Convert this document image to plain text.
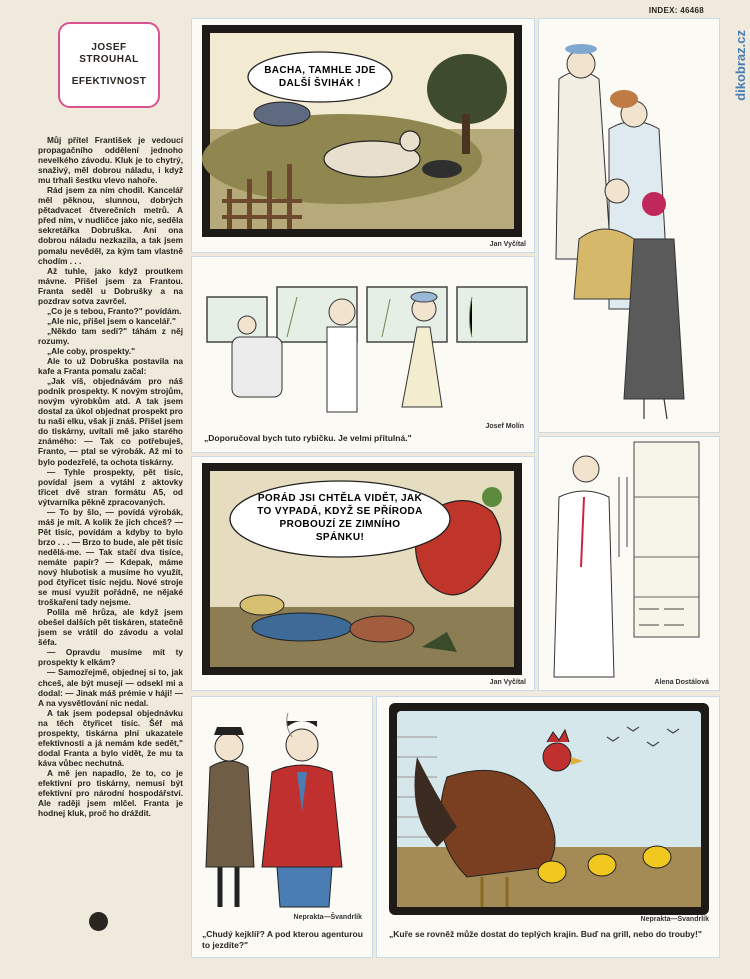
INDEX: 46468
dikobraz.cz
JOSEF
STROUHAL
EFEKTIVNOST

Můj přítel František je vedoucí propagačního oddělení jednoho nevelkého závodu. Kluk je to chytrý, snaživý, měl dobrou náladu, i když mu trhali šestku vlevo nahoře.

Rád jsem za ním chodil. Kancelář měl pěknou, slunnou, dobrých pětadvacet čtverečních metrů. A před ním, v nudličce jako nic, seděla sekretářka Dobruška. Ani ona dobrou náladu nezkazila, a tak jsem pomalu nevěděl, za kým tam vlastně chodím . . .

Až tuhle, jako když proutkem mávne. Přišel jsem za Frantou. Franta seděl u Dobrušky a na pozdrav sotva zavrčel.

„Co je s tebou, Franto?" povídám.

„Ale nic, přišel jsem o kancelář."

„Někdo tam sedí?" táhám z něj rozumy.

„Ale coby, prospekty."

Ale to už Dobruška postavila na kafe a Franta pomalu začal:

„Jak víš, objednávám pro náš podnik prospekty. K novým strojům, novým výrobkům atd. A tak jsem dostal za úkol objednat prospekt pro tu naši elku, však ji znáš. Přišel jsem do tiskárny, uvítali mě jako starého známého: — Tak co potřebuješ, Franto, — ptal se výrobák. Až mi to bylo podezřelé, ta ochota tiskárny.

— Tyhle prospekty, pět tisíc, povídal jsem a vytáhl z aktovky třicet dvě stran formátu A5, od výtvarníka pěkně zpracovaných.

— To by šlo, — povídá výrobák, máš je mít. A kolik že jich chceš? — Pět tisíc, povídám a kdyby to bylo brzo . . . — Brzo to bude, ale pět tisíc nedělá-me. — Tak stačí dva tisíce, nemáte papír? — Kdepak, máme nový hlubotisk a musíme ho využít, pod čtyřicet tisíc nejdu. Nové stroje se musí využít pořádně, ne nějaké troškaření tady nejsme.

Polila mě hrůza, ale když jsem obešel dalších pět tiskáren, statečně jsem se vrátil do závodu a volal šéfa.

— Opravdu musíme mít ty prospekty k elkám?

— Samozřejmě, objednej si to, jak chceš, ale být musejí — odsekl mi a dodal: — Jinak máš prémie v háji! — A na vysvětlování nic nedal.

A tak jsem podepsal objednávku na těch čtyřicet tisíc. Šéf má prospekty, tiskárna plní ukazatele efektivnosti a já nemám kde sedět," dodal Franta a bylo vidět, že mu ta káva vůbec nechutná.

A mě jen napadlo, že to, co je efektivní pro tiskárny, nemusí být efektivní pro národní hospodářství. Ale raději jsem mlčel. Franta je hodnej kluk, proč ho dráždit.

BACHA, TAMHLE JDE
DALŠÍ ŠVIHÁK !
Jan Vyčítal
„Doporučoval bych tuto rybičku. Je velmi přítulná."
Josef Molín
PORÁD JSI CHTĚLA VIDĚT, JAK
TO VYPADÁ, KDYŽ SE PŘÍRODA
PROBOUZÍ ZE ZIMNÍHO
SPÁNKU!
Jan Vyčítal	Alena Dostálová
Neprakta—Švandrlík
„Chudý kejklíř? A pod kterou agenturou to jezdíte?"
Neprakta—Švandrlík
„Kuře se rovněž může dostat do teplých krajin. Buď na grill, nebo do trouby!"
